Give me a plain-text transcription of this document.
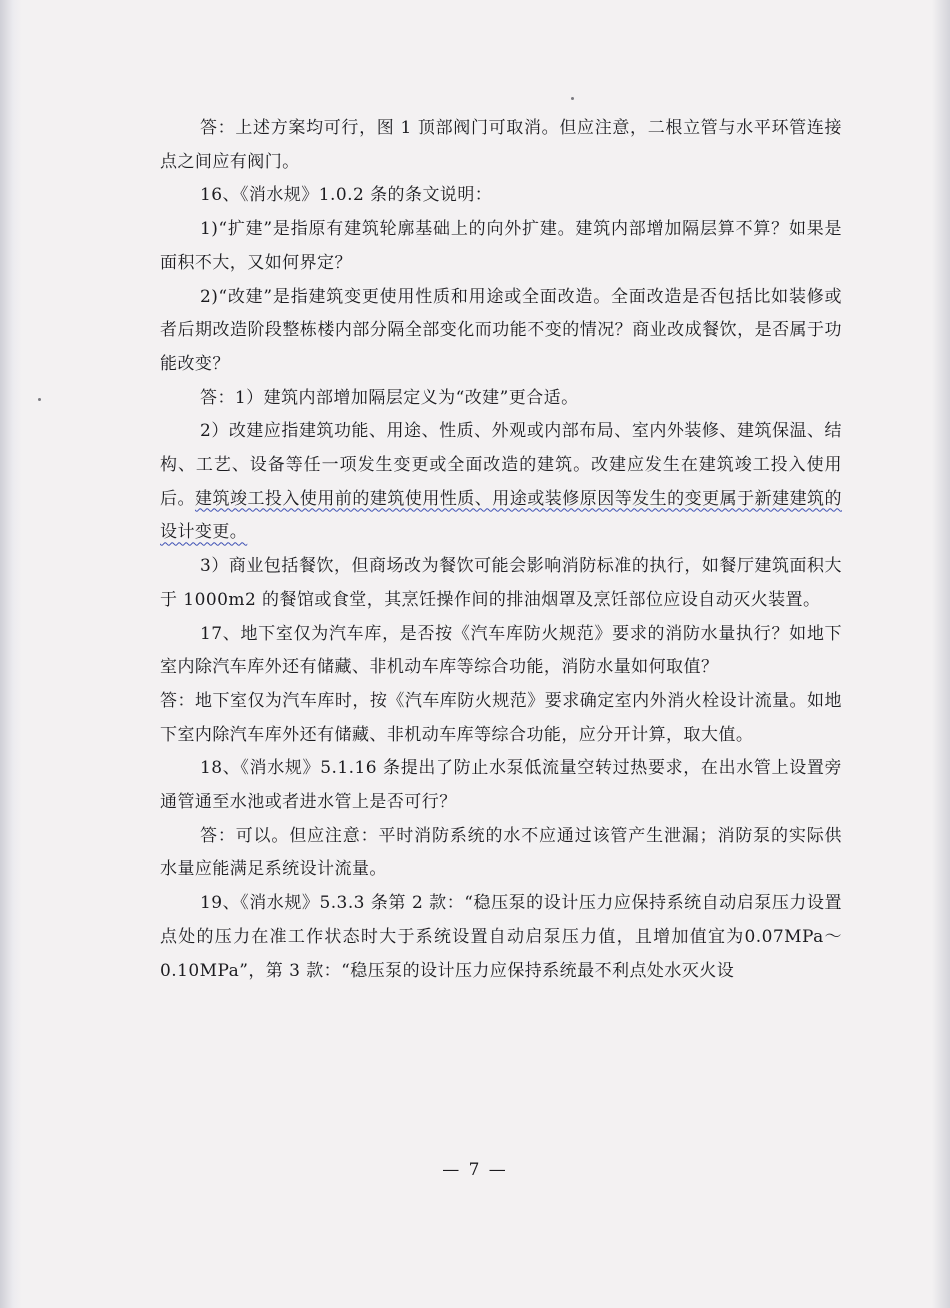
答：上述方案均可行，图 1 顶部阀门可取消。但应注意，二根立管与水平环管连接点之间应有阀门。

16、《消水规》1.0.2 条的条文说明：

1)“扩建”是指原有建筑轮廓基础上的向外扩建。建筑内部增加隔层算不算？如果是面积不大，又如何界定？

2)“改建”是指建筑变更使用性质和用途或全面改造。全面改造是否包括比如装修或者后期改造阶段整栋楼内部分隔全部变化而功能不变的情况？商业改成餐饮，是否属于功能改变？

答：1）建筑内部增加隔层定义为“改建”更合适。

2）改建应指建筑功能、用途、性质、外观或内部布局、室内外装修、建筑保温、结构、工艺、设备等任一项发生变更或全面改造的建筑。改建应发生在建筑竣工投入使用后。建筑竣工投入使用前的建筑使用性质、用途或装修原因等发生的变更属于新建建筑的设计变更。

3）商业包括餐饮，但商场改为餐饮可能会影响消防标准的执行，如餐厅建筑面积大于 1000m2 的餐馆或食堂，其烹饪操作间的排油烟罩及烹饪部位应设自动灭火装置。

17、地下室仅为汽车库，是否按《汽车库防火规范》要求的消防水量执行？如地下室内除汽车库外还有储藏、非机动车库等综合功能，消防水量如何取值？

答：地下室仅为汽车库时，按《汽车库防火规范》要求确定室内外消火栓设计流量。如地下室内除汽车库外还有储藏、非机动车库等综合功能，应分开计算，取大值。

18、《消水规》5.1.16 条提出了防止水泵低流量空转过热要求，在出水管上设置旁通管通至水池或者进水管上是否可行？

答：可以。但应注意：平时消防系统的水不应通过该管产生泄漏；消防泵的实际供水量应能满足系统设计流量。

19、《消水规》5.3.3 条第 2 款：“稳压泵的设计压力应保持系统自动启泵压力设置点处的压力在准工作状态时大于系统设置自动启泵压力值，且增加值宜为0.07MPa～0.10MPa”，第 3 款：“稳压泵的设计压力应保持系统最不利点处水灭火设

— 7 —
